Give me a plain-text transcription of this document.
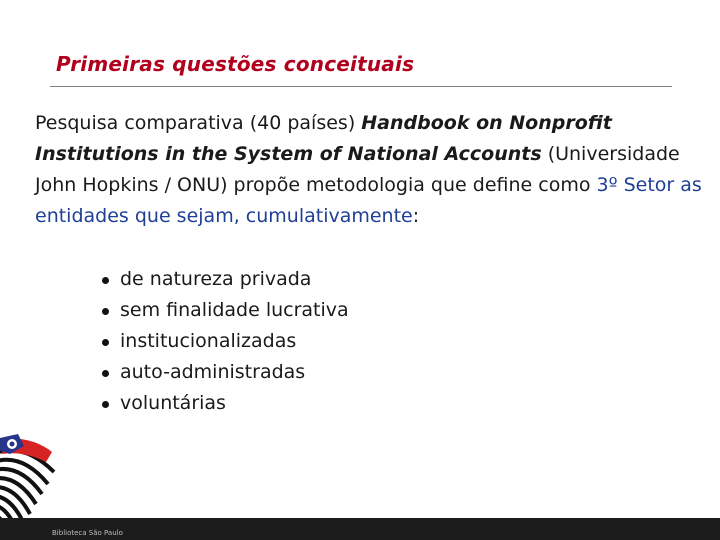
Primeiras questões conceituais
Pesquisa comparativa (40 países) Handbook on Nonprofit Institutions in the System of National Accounts (Universidade John Hopkins / ONU) propõe metodologia que define como 3º Setor as entidades que sejam, cumulativamente:
de natureza privada
sem finalidade lucrativa
institucionalizadas
auto-administradas
voluntárias
Biblioteca São Paulo
